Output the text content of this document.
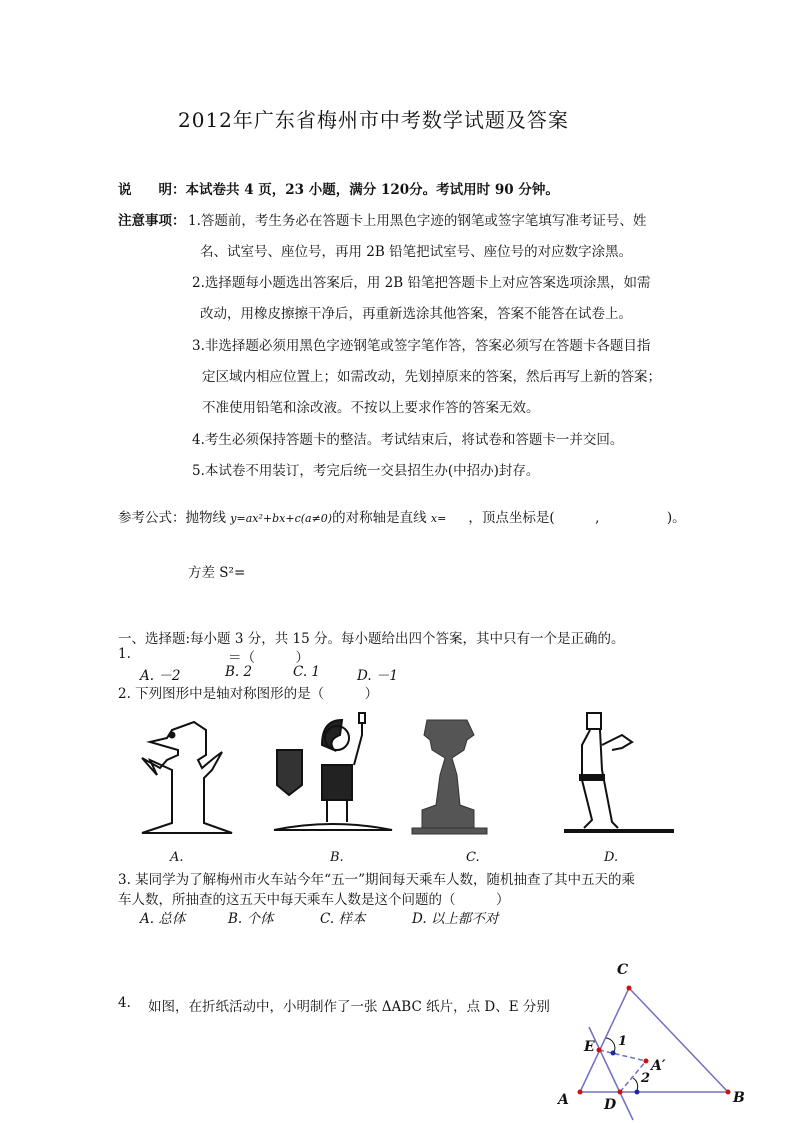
2012年广东省梅州市中考数学试题及答案
说　　明：本试卷共 4 页，23 小题，满分 120分。考试用时 90 分钟。
注意事项： 1.答题前，考生务必在答题卡上用黑色字迹的钢笔或签字笔填写准考证号、姓
名、试室号、座位号，再用 2B 铅笔把试室号、座位号的对应数字涂黑。
2.选择题每小题选出答案后，用 2B 铅笔把答题卡上对应答案选项涂黑，如需
改动，用橡皮擦擦干净后，再重新选涂其他答案，答案不能答在试卷上。
3.非选择题必须用黑色字迹钢笔或签字笔作答，答案必须写在答题卡各题目指
定区域内相应位置上；如需改动，先划掉原来的答案，然后再写上新的答案；
不准使用铅笔和涂改液。不按以上要求作答的答案无效。
4.考生必须保持答题卡的整洁。考试结束后，将试卷和答题卡一并交回。
5.本试卷不用装订，考完后统一交县招生办(中招办)封存。
参考公式：抛物线 y=ax²+bx+c(a≠0)的对称轴是直线 x= ，顶点坐标是(　　　,　　　　　)。
方差 S²=
一、选择题:每小题 3 分，共 15 分。每小题给出四个答案，其中只有一个是正确的。
1.	＝（　　　）
A. －2	B. 2	C. 1	D. －1
2. 下列图形中是轴对称图形的是（　　　）
A.	B.	C.	D.
3. 某同学为了解梅州市火车站今年“五一”期间每天乘车人数，随机抽查了其中五天的乘
车人数，所抽查的这五天中每天乘车人数是这个问题的（　　　）
A. 总体	B. 个体	C. 样本	D. 以上都不对
4. 如图，在折纸活动中，小明制作了一张 ΔABC 纸片，点 D、E 分别
C
E 1
A′
2
A	D	B
